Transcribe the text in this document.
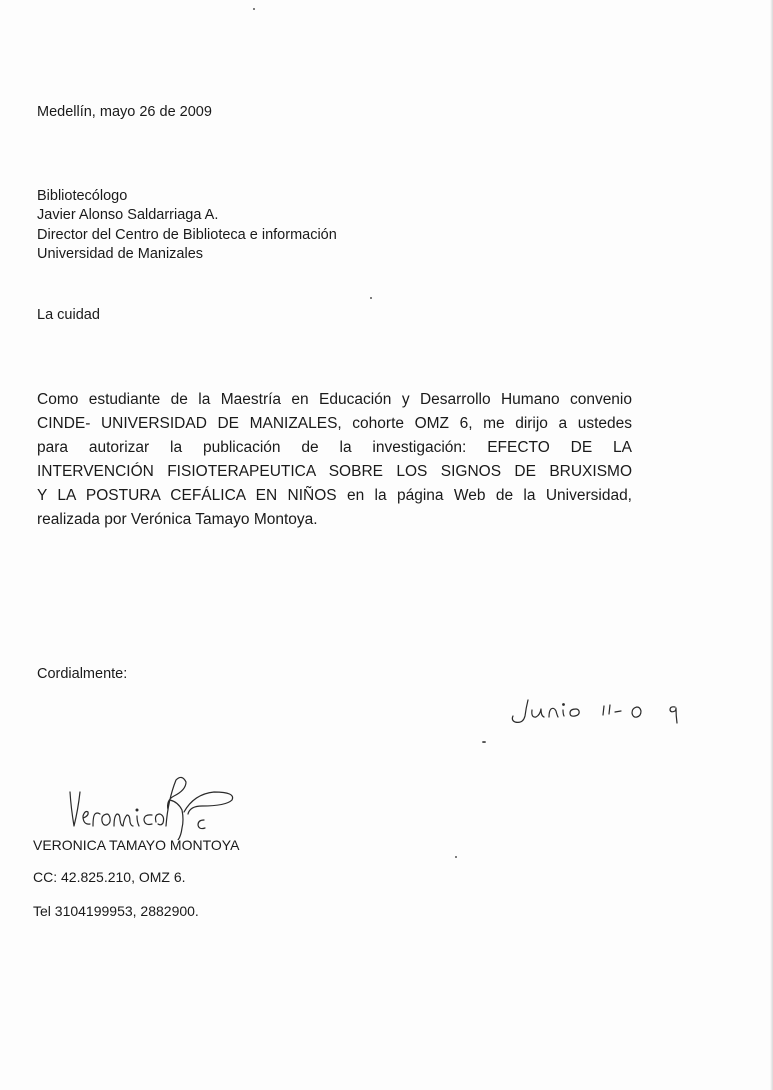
Medellín, mayo 26 de 2009
Bibliotecólogo
Javier Alonso Saldarriaga A.
Director del Centro de Biblioteca e información
Universidad de Manizales
La cuidad
Como estudiante de la Maestría en Educación y Desarrollo Humano convenio
CINDE- UNIVERSIDAD DE MANIZALES, cohorte OMZ 6, me dirijo a ustedes
para autorizar la publicación de la investigación: EFECTO DE LA
INTERVENCIÓN FISIOTERAPEUTICA SOBRE LOS SIGNOS DE BRUXISMO
Y LA POSTURA CEFÁLICA EN NIÑOS en la página Web de la Universidad,
realizada por Verónica Tamayo Montoya.
Cordialmente:
VERONICA TAMAYO MONTOYA
CC: 42.825.210, OMZ 6.
Tel 3104199953, 2882900.
